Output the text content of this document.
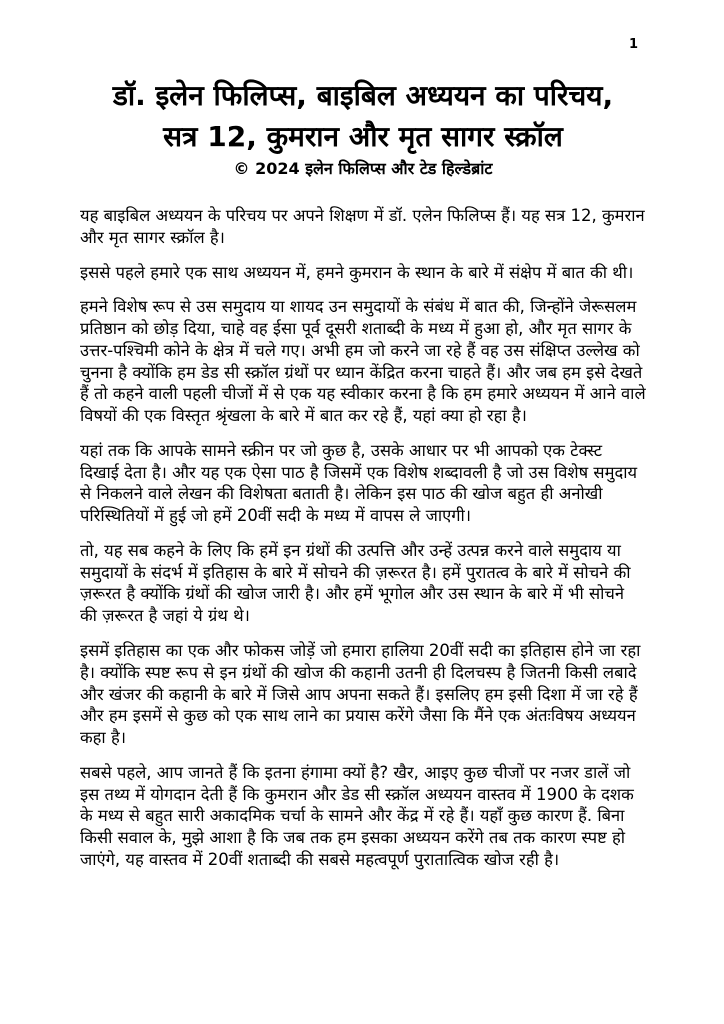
1
डॉ. इलेन फिलिप्स, बाइबिल अध्ययन का परिचय,
सत्र 12, कुमरान और मृत सागर स्क्रॉल
© 2024 इलेन फिलिप्स और टेड हिल्डेब्रांट

यह बाइबिल अध्ययन के परिचय पर अपने शिक्षण में डॉ. एलेन फिलिप्स हैं। यह सत्र 12, कुमरान और मृत सागर स्क्रॉल है।

इससे पहले हमारे एक साथ अध्ययन में, हमने कुमरान के स्थान के बारे में संक्षेप में बात की थी।

हमने विशेष रूप से उस समुदाय या शायद उन समुदायों के संबंध में बात की, जिन्होंने जेरूसलम प्रतिष्ठान को छोड़ दिया, चाहे वह ईसा पूर्व दूसरी शताब्दी के मध्य में हुआ हो, और मृत सागर के उत्तर-पश्चिमी कोने के क्षेत्र में चले गए। अभी हम जो करने जा रहे हैं वह उस संक्षिप्त उल्लेख को चुनना है क्योंकि हम डेड सी स्क्रॉल ग्रंथों पर ध्यान केंद्रित करना चाहते हैं। और जब हम इसे देखते हैं तो कहने वाली पहली चीजों में से एक यह स्वीकार करना है कि हम हमारे अध्ययन में आने वाले विषयों की एक विस्तृत श्रृंखला के बारे में बात कर रहे हैं, यहां क्या हो रहा है।

यहां तक कि आपके सामने स्क्रीन पर जो कुछ है, उसके आधार पर भी आपको एक टेक्स्ट दिखाई देता है। और यह एक ऐसा पाठ है जिसमें एक विशेष शब्दावली है जो उस विशेष समुदाय से निकलने वाले लेखन की विशेषता बताती है। लेकिन इस पाठ की खोज बहुत ही अनोखी परिस्थितियों में हुई जो हमें 20वीं सदी के मध्य में वापस ले जाएगी।

तो, यह सब कहने के लिए कि हमें इन ग्रंथों की उत्पत्ति और उन्हें उत्पन्न करने वाले समुदाय या समुदायों के संदर्भ में इतिहास के बारे में सोचने की ज़रूरत है। हमें पुरातत्व के बारे में सोचने की ज़रूरत है क्योंकि ग्रंथों की खोज जारी है। और हमें भूगोल और उस स्थान के बारे में भी सोचने की ज़रूरत है जहां ये ग्रंथ थे।

इसमें इतिहास का एक और फोकस जोड़ें जो हमारा हालिया 20वीं सदी का इतिहास होने जा रहा है। क्योंकि स्पष्ट रूप से इन ग्रंथों की खोज की कहानी उतनी ही दिलचस्प है जितनी किसी लबादे और खंजर की कहानी के बारे में जिसे आप अपना सकते हैं। इसलिए हम इसी दिशा में जा रहे हैं और हम इसमें से कुछ को एक साथ लाने का प्रयास करेंगे जैसा कि मैंने एक अंतःविषय अध्ययन कहा है।

सबसे पहले, आप जानते हैं कि इतना हंगामा क्यों है? खैर, आइए कुछ चीजों पर नजर डालें जो इस तथ्य में योगदान देती हैं कि कुमरान और डेड सी स्क्रॉल अध्ययन वास्तव में 1900 के दशक के मध्य से बहुत सारी अकादमिक चर्चा के सामने और केंद्र में रहे हैं। यहाँ कुछ कारण हैं. बिना किसी सवाल के, मुझे आशा है कि जब तक हम इसका अध्ययन करेंगे तब तक कारण स्पष्ट हो जाएंगे, यह वास्तव में 20वीं शताब्दी की सबसे महत्वपूर्ण पुरातात्विक खोज रही है।
